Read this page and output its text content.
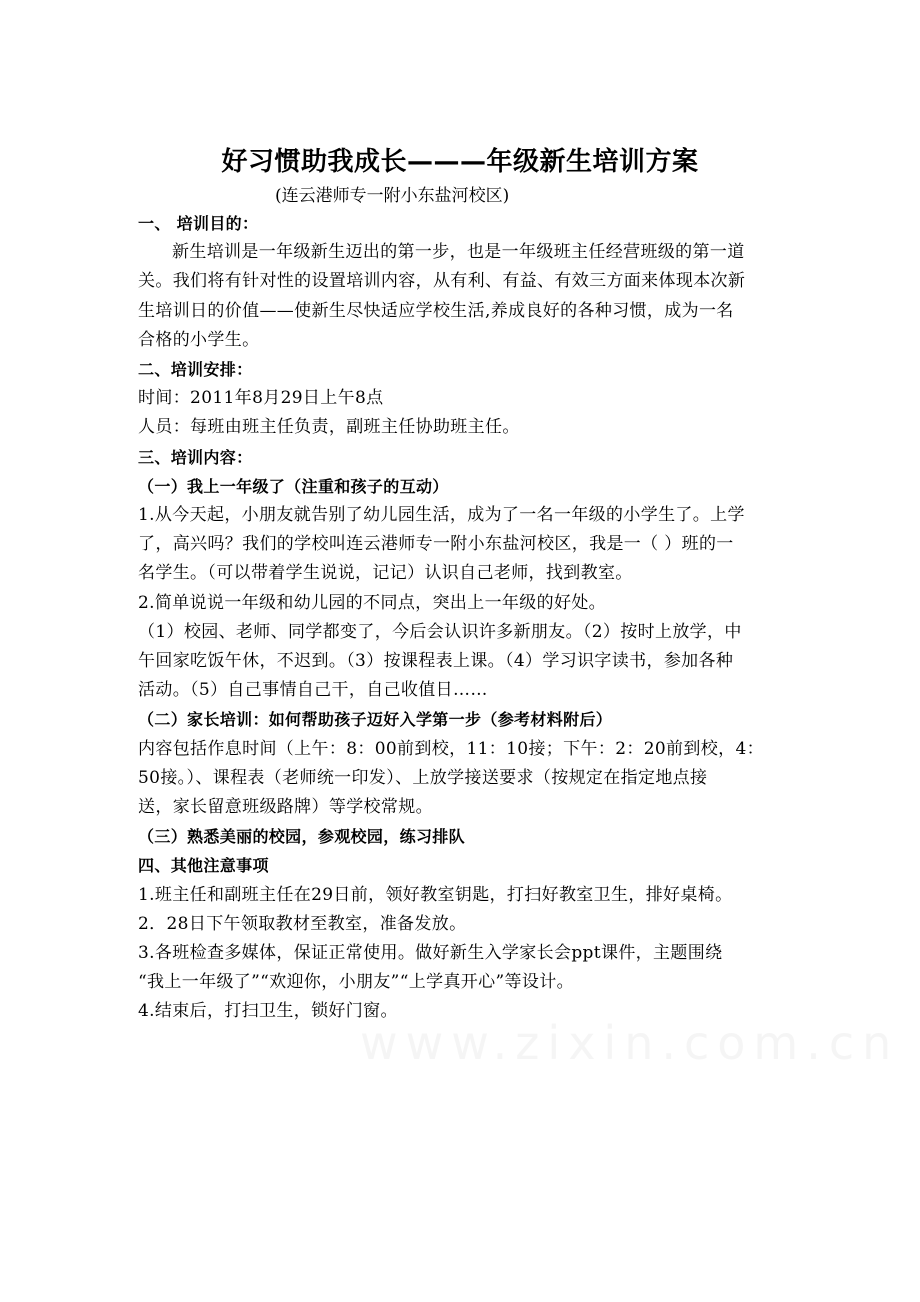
好习惯助我成长———年级新生培训方案
(连云港师专一附小东盐河校区)
一、 培训目的：
新生培训是一年级新生迈出的第一步，也是一年级班主任经营班级的第一道
关。我们将有针对性的设置培训内容，从有利、有益、有效三方面来体现本次新
生培训日的价值——使新生尽快适应学校生活,养成良好的各种习惯，成为一名
合格的小学生。
二、培训安排：
时间：2011年8月29日上午8点
人员：每班由班主任负责，副班主任协助班主任。
三、培训内容：
（一）我上一年级了（注重和孩子的互动）
1.从今天起，小朋友就告别了幼儿园生活，成为了一名一年级的小学生了。上学
了，高兴吗？我们的学校叫连云港师专一附小东盐河校区，我是一（ ）班的一
名学生。（可以带着学生说说，记记）认识自己老师，找到教室。
2.简单说说一年级和幼儿园的不同点，突出上一年级的好处。
（1）校园、老师、同学都变了，今后会认识许多新朋友。（2）按时上放学，中
午回家吃饭午休，不迟到。（3）按课程表上课。（4）学习识字读书，参加各种
活动。（5）自己事情自己干，自己收值日……
（二）家长培训：如何帮助孩子迈好入学第一步（参考材料附后）
内容包括作息时间（上午：8：00前到校，11：10接；下午：2：20前到校，4：
50接。）、课程表（老师统一印发）、上放学接送要求（按规定在指定地点接
送，家长留意班级路牌）等学校常规。
（三）熟悉美丽的校园，参观校园，练习排队
四、其他注意事项
1.班主任和副班主任在29日前，领好教室钥匙，打扫好教室卫生，排好桌椅。
2．28日下午领取教材至教室，准备发放。
3.各班检查多媒体，保证正常使用。做好新生入学家长会ppt课件，主题围绕
“我上一年级了”“欢迎你，小朋友”“上学真开心”等设计。
4.结束后，打扫卫生，锁好门窗。
www.zixin.com.cn
